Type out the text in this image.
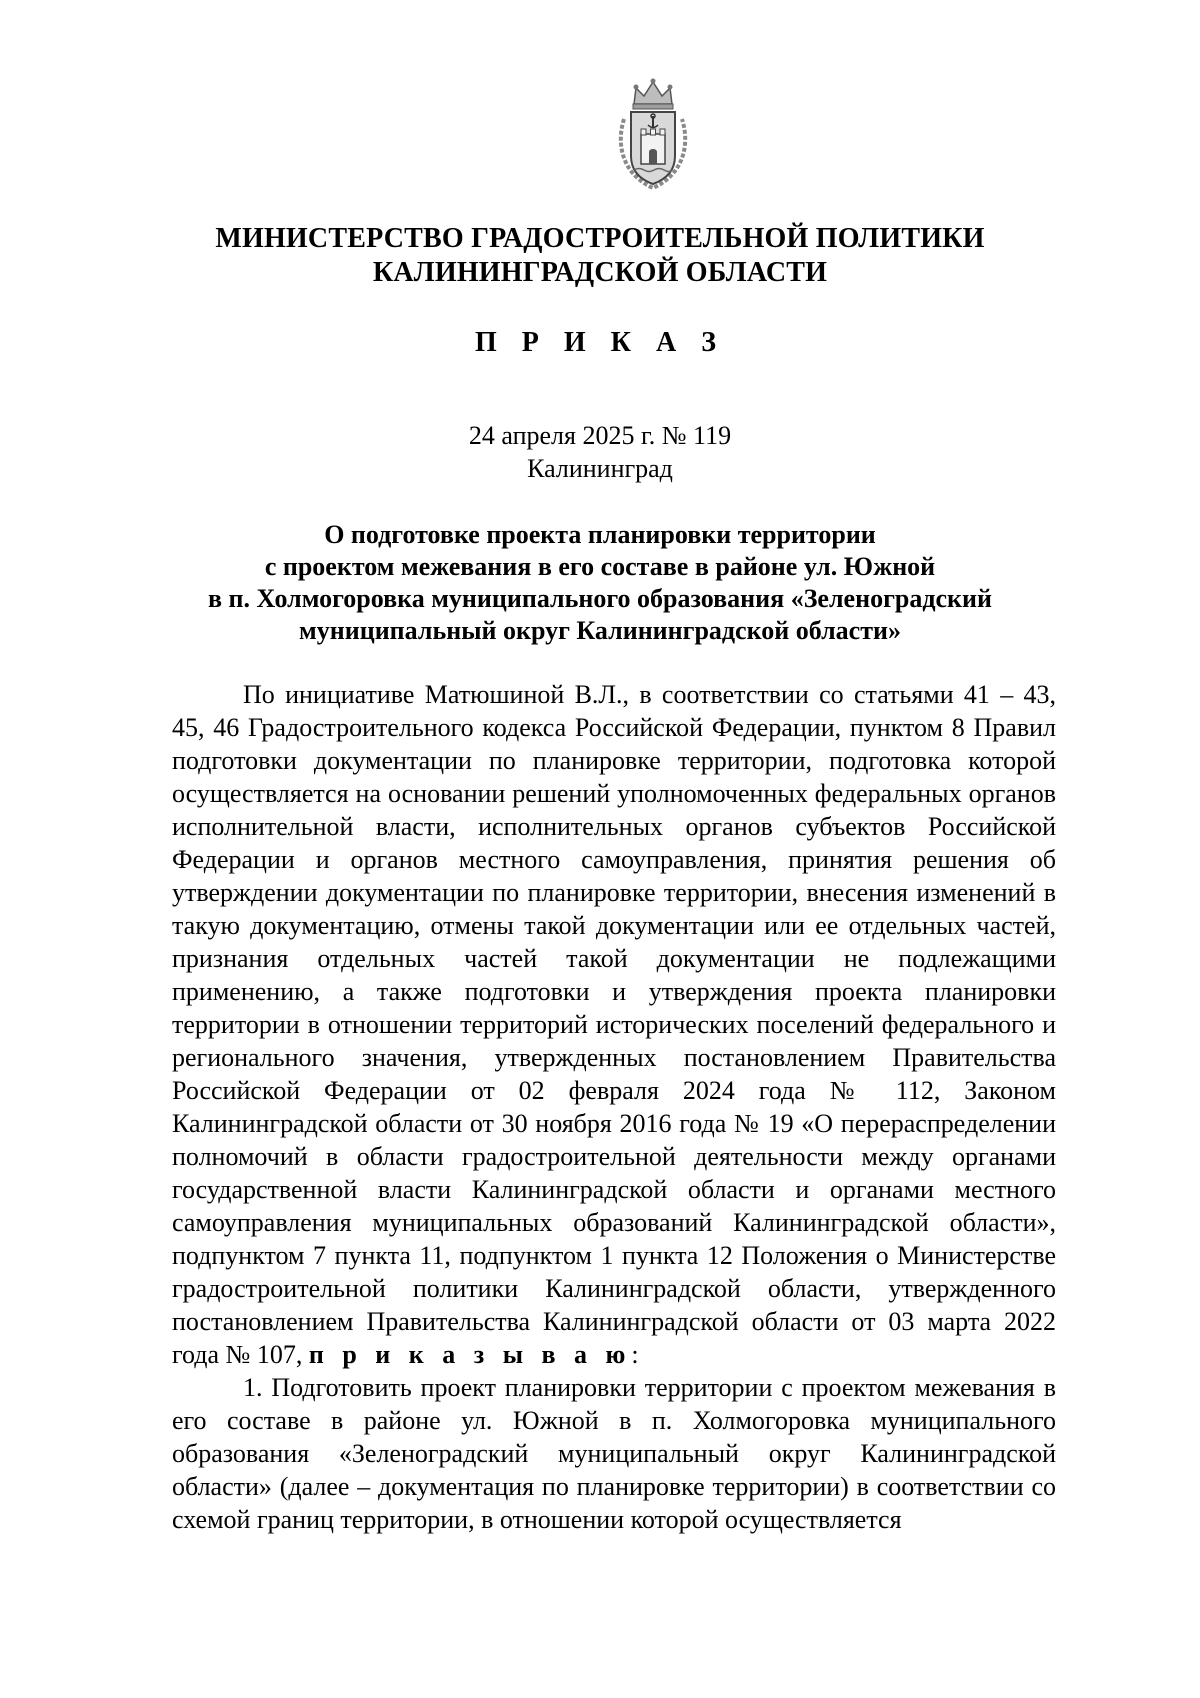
МИНИСТЕРСТВО ГРАДОСТРОИТЕЛЬНОЙ ПОЛИТИКИ
КАЛИНИНГРАДСКОЙ ОБЛАСТИ
П Р И К А З
24 апреля 2025 г. № 119
Калининград
О подготовке проекта планировки территории
с проектом межевания в его составе в районе ул. Южной
в п. Холмогоровка муниципального образования «Зеленоградский
муниципальный округ Калининградской области»

По инициативе Матюшиной В.Л., в соответствии со статьями 41 – 43, 45, 46 Градостроительного кодекса Российской Федерации, пунктом 8 Правил подготовки документации по планировке территории, подготовка которой осуществляется на основании решений уполномоченных федеральных органов исполнительной власти, исполнительных органов субъектов Российской Федерации и органов местного самоуправления, принятия решения об утверждении документации по планировке территории, внесения изменений в такую документацию, отмены такой документации или ее отдельных частей, признания отдельных частей такой документации не подлежащими применению, а также подготовки и утверждения проекта планировки территории в отношении территорий исторических поселений федерального и регионального значения, утвержденных постановлением Правительства Российской Федерации от 02 февраля 2024 года № 112, Законом Калининградской области от 30 ноября 2016 года № 19 «О перераспределении полномочий в области градостроительной деятельности между органами государственной власти Калининградской области и органами местного самоуправления муниципальных образований Калининградской области», подпунктом 7 пункта 11, подпунктом 1 пункта 12 Положения о Министерстве градостроительной политики Калининградской области, утвержденного постановлением Правительства Калининградской области от 03 марта 2022 года № 107, п р и к а з ы в а ю:

1. Подготовить проект планировки территории с проектом межевания в его составе в районе ул. Южной в п. Холмогоровка муниципального образования «Зеленоградский муниципальный округ Калининградской области» (далее – документация по планировке территории) в соответствии со схемой границ территории, в отношении которой осуществляется
